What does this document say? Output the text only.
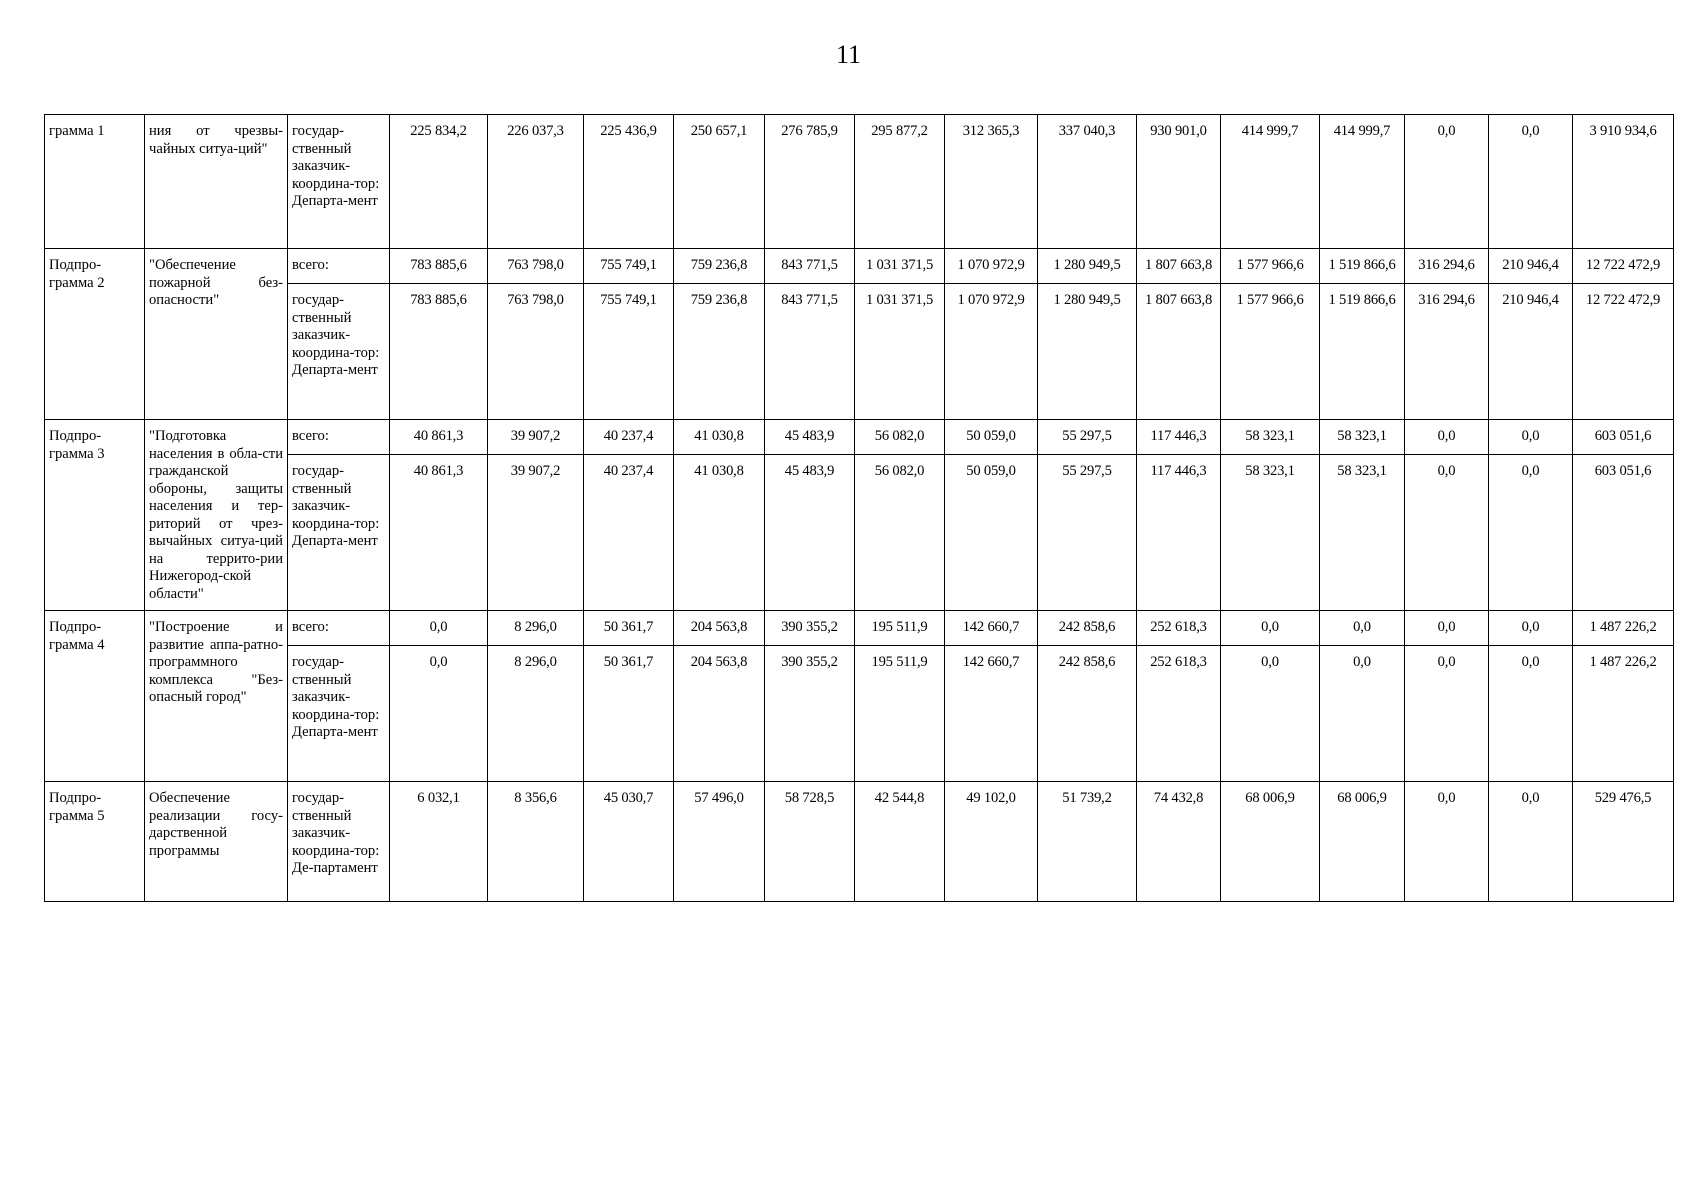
11
грамма 1	ния от чрезвы-чайных ситуа-ций"	государ-ственный заказчик-координа-тор: Департа-мент	225 834,2	226 037,3	225 436,9	250 657,1	276 785,9	295 877,2	312 365,3	337 040,3	930 901,0	414 999,7	414 999,7	0,0	0,0	3 910 934,6
Подпро-грамма 2	"Обеспечение пожарной без-опасности"	всего:	783 885,6	763 798,0	755 749,1	759 236,8	843 771,5	1 031 371,5	1 070 972,9	1 280 949,5	1 807 663,8	1 577 966,6	1 519 866,6	316 294,6	210 946,4	12 722 472,9
		государ-ственный заказчик-координа-тор: Департа-мент	783 885,6	763 798,0	755 749,1	759 236,8	843 771,5	1 031 371,5	1 070 972,9	1 280 949,5	1 807 663,8	1 577 966,6	1 519 866,6	316 294,6	210 946,4	12 722 472,9
Подпро-грамма 3	"Подготовка населения в обла-сти гражданской обороны, защиты населения и тер-риторий от чрез-вычайных ситуа-ций на террито-рии Нижегород-ской области"	всего:	40 861,3	39 907,2	40 237,4	41 030,8	45 483,9	56 082,0	50 059,0	55 297,5	117 446,3	58 323,1	58 323,1	0,0	0,0	603 051,6
		государ-ственный заказчик-координа-тор: Департа-мент	40 861,3	39 907,2	40 237,4	41 030,8	45 483,9	56 082,0	50 059,0	55 297,5	117 446,3	58 323,1	58 323,1	0,0	0,0	603 051,6
Подпро-грамма 4	"Построение и развитие аппа-ратно-программного комплекса "Без-опасный город"	всего:	0,0	8 296,0	50 361,7	204 563,8	390 355,2	195 511,9	142 660,7	242 858,6	252 618,3	0,0	0,0	0,0	0,0	1 487 226,2
		государ-ственный заказчик-координа-тор: Департа-мент	0,0	8 296,0	50 361,7	204 563,8	390 355,2	195 511,9	142 660,7	242 858,6	252 618,3	0,0	0,0	0,0	0,0	1 487 226,2
Подпро-грамма 5	Обеспечение реализации госу-дарственной программы	государ-ственный заказчик-координа-тор: Де-партамент	6 032,1	8 356,6	45 030,7	57 496,0	58 728,5	42 544,8	49 102,0	51 739,2	74 432,8	68 006,9	68 006,9	0,0	0,0	529 476,5
